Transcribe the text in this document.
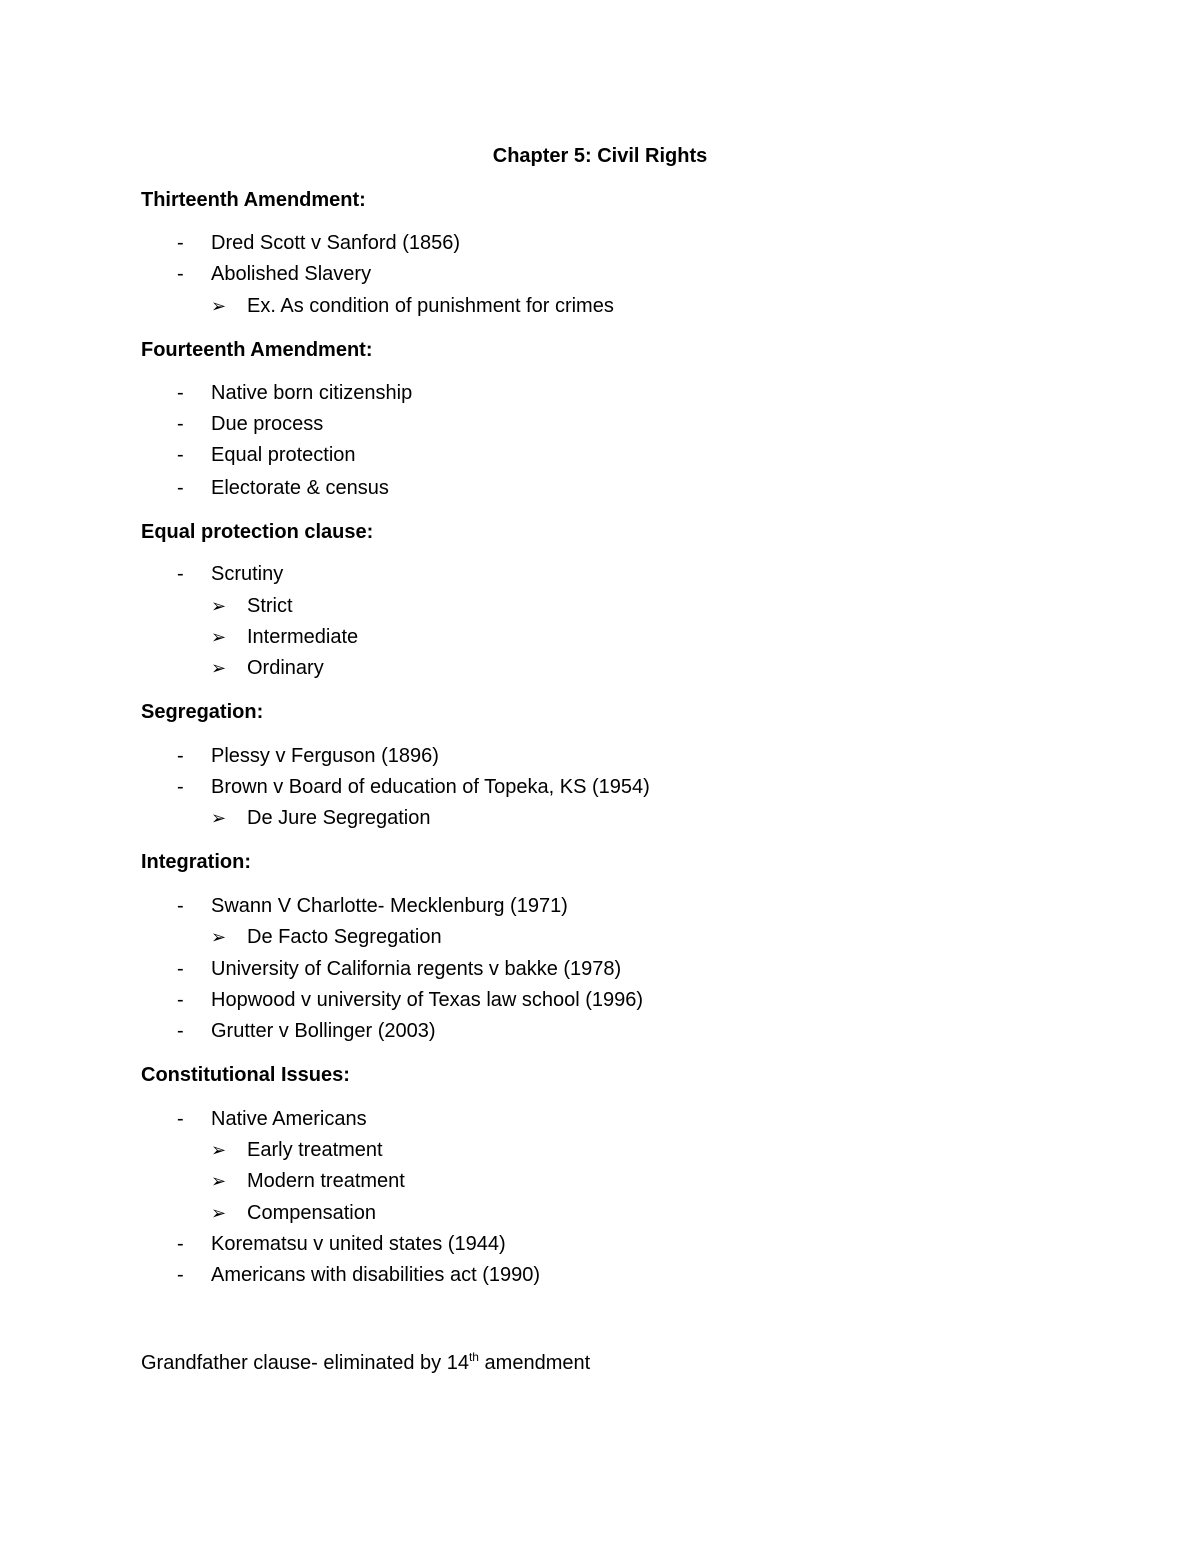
Chapter 5: Civil Rights
Thirteenth Amendment:
- Dred Scott v Sanford (1856)
- Abolished Slavery
➢ Ex. As condition of punishment for crimes
Fourteenth Amendment:
- Native born citizenship
- Due process
- Equal protection
- Electorate & census
Equal protection clause:
- Scrutiny
➢ Strict
➢ Intermediate
➢ Ordinary
Segregation:
- Plessy v Ferguson (1896)
- Brown v Board of education of Topeka, KS (1954)
➢ De Jure Segregation
Integration:
- Swann V Charlotte- Mecklenburg (1971)
➢ De Facto Segregation
- University of California regents v bakke (1978)
- Hopwood v university of Texas law school (1996)
- Grutter v Bollinger (2003)
Constitutional Issues:
- Native Americans
➢ Early treatment
➢ Modern treatment
➢ Compensation
- Korematsu v united states (1944)
- Americans with disabilities act (1990)
Grandfather clause- eliminated by 14th amendment
